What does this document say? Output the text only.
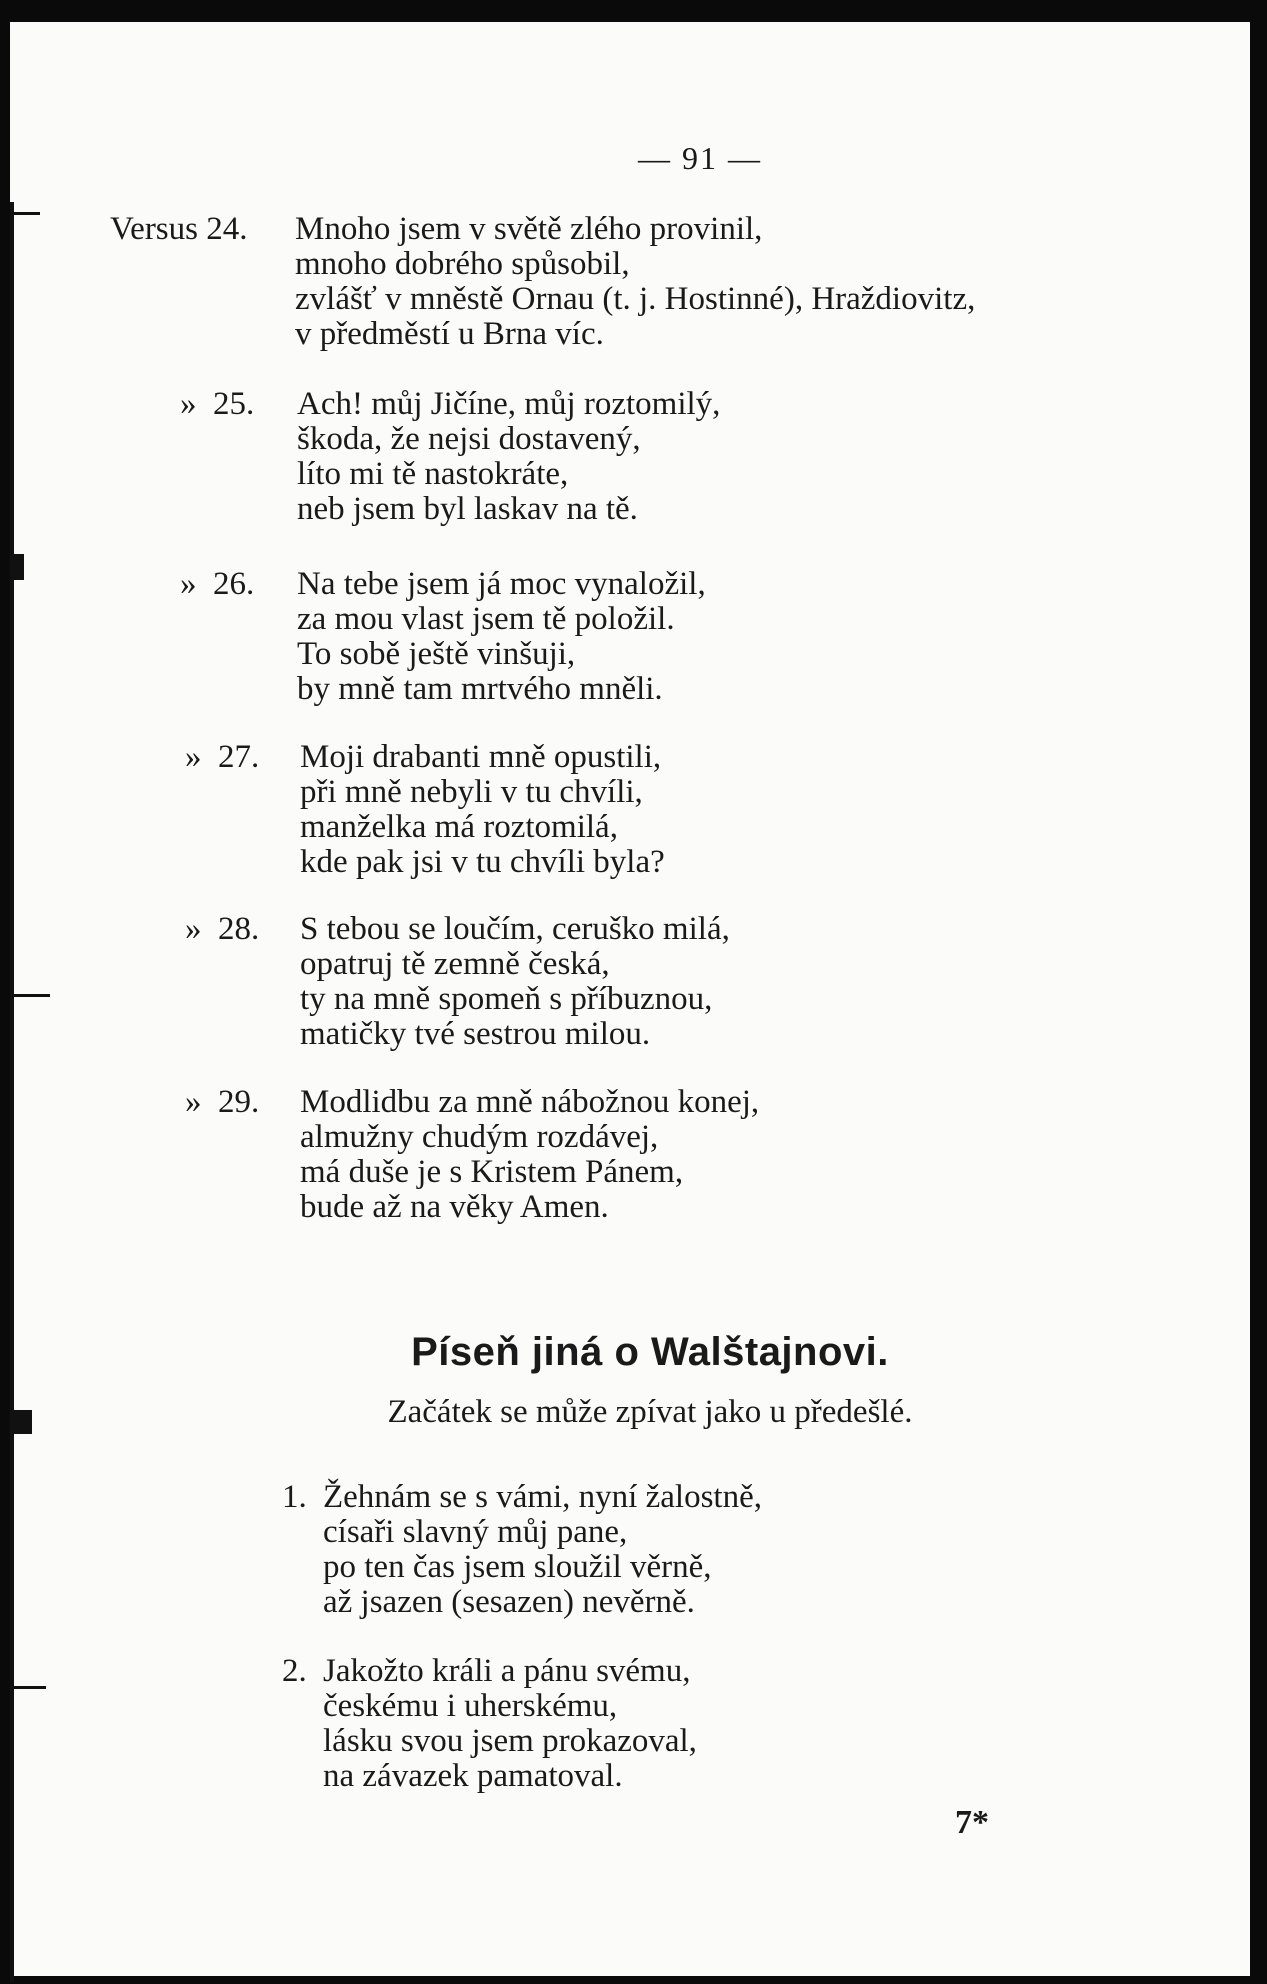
— 91 —
Versus 24.	Mnoho jsem v světě zlého provinil,
mnoho dobrého spůsobil,
zvlášť v mněstě Ornau (t. j. Hostinné), Hraždiovitz,
v předměstí u Brna víc.
»  25.	Ach! můj Jičíne, můj roztomilý,
škoda, že nejsi dostavený,
líto mi tě nastokráte,
neb jsem byl laskav na tě.
»  26.	Na tebe jsem já moc vynaložil,
za mou vlast jsem tě položil.
To sobě ještě vinšuji,
by mně tam mrtvého mněli.
»  27.	Moji drabanti mně opustili,
při mně nebyli v tu chvíli,
manželka má roztomilá,
kde pak jsi v tu chvíli byla?
»  28.	S tebou se loučím, ceruško milá,
opatruj tě zemně česká,
ty na mně spomeň s příbuznou,
matičky tvé sestrou milou.
»  29.	Modlidbu za mně nábožnou konej,
almužny chudým rozdávej,
má duše je s Kristem Pánem,
bude až na věky Amen.
Píseň jiná o Walštajnovi.
Začátek se může zpívat jako u předešlé.
1. Žehnám se s vámi, nyní žalostně,
císaři slavný můj pane,
po ten čas jsem sloužil věrně,
až jsazen (sesazen) nevěrně.
2. Jakožto králi a pánu svému,
českému i uherskému,
lásku svou jsem prokazoval,
na závazek pamatoval.
7*
